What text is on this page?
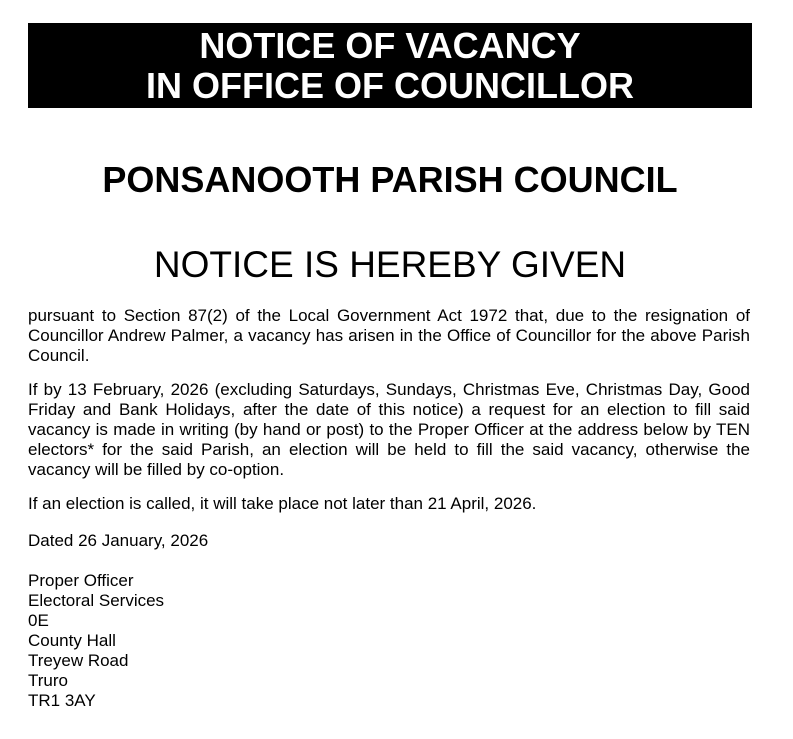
NOTICE OF VACANCY
IN OFFICE OF COUNCILLOR
PONSANOOTH PARISH COUNCIL
NOTICE IS HEREBY GIVEN

pursuant to Section 87(2) of the Local Government Act 1972 that, due to the resignation of Councillor Andrew Palmer, a vacancy has arisen in the Office of Councillor for the above Parish Council.

If by 13 February, 2026 (excluding Saturdays, Sundays, Christmas Eve, Christmas Day, Good Friday and Bank Holidays, after the date of this notice) a request for an election to fill said vacancy is made in writing (by hand or post) to the Proper Officer at the address below by TEN electors* for the said Parish, an election will be held to fill the said vacancy, otherwise the vacancy will be filled by co-option.

If an election is called, it will take place not later than 21 April, 2026.

Dated 26 January, 2026

Proper Officer
Electoral Services
0E
County Hall
Treyew Road
Truro
TR1 3AY
